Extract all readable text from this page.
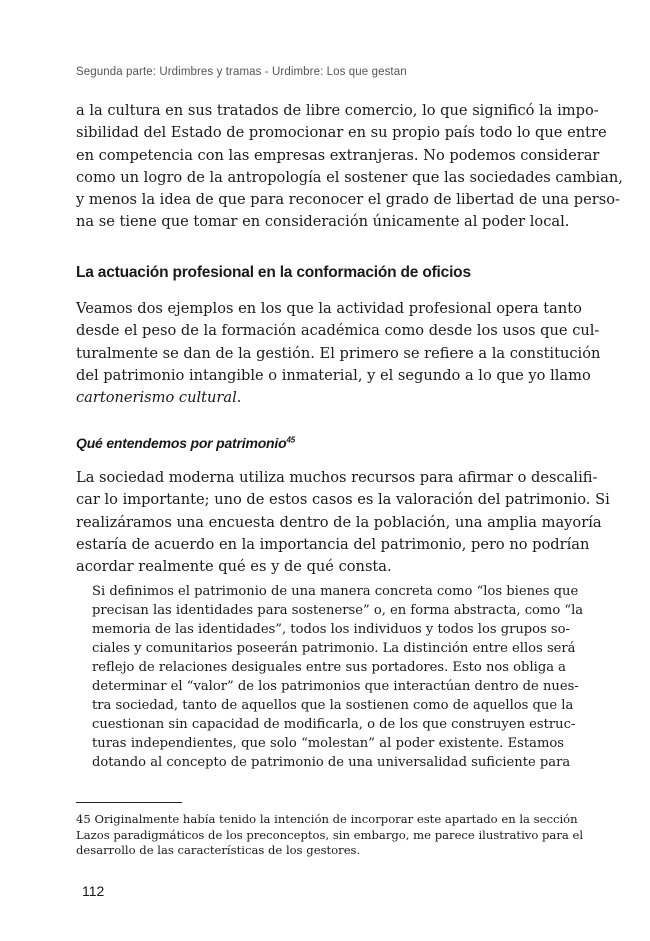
Segunda parte: Urdimbres y tramas - Urdimbre: Los que gestan
a la cultura en sus tratados de libre comercio, lo que significó la impo-
sibilidad del Estado de promocionar en su propio país todo lo que entre
en competencia con las empresas extranjeras. No podemos considerar
como un logro de la antropología el sostener que las sociedades cambian,
y menos la idea de que para reconocer el grado de libertad de una perso-
na se tiene que tomar en consideración únicamente al poder local.
La actuación profesional en la conformación de oficios
Veamos dos ejemplos en los que la actividad profesional opera tanto
desde el peso de la formación académica como desde los usos que cul-
turalmente se dan de la gestión. El primero se refiere a la constitución
del patrimonio intangible o inmaterial, y el segundo a lo que yo llamo
cartonerismo cultural.
Qué entendemos por patrimonio$^{45}$
La sociedad moderna utiliza muchos recursos para afirmar o descalifi-
car lo importante; uno de estos casos es la valoración del patrimonio. Si
realizáramos una encuesta dentro de la población, una amplia mayoría
estaría de acuerdo en la importancia del patrimonio, pero no podrían
acordar realmente qué es y de qué consta.
Si definimos el patrimonio de una manera concreta como “los bienes que
precisan las identidades para sostenerse” o, en forma abstracta, como “la
memoria de las identidades”, todos los individuos y todos los grupos so-
ciales y comunitarios poseerán patrimonio. La distinción entre ellos será
reflejo de relaciones desiguales entre sus portadores. Esto nos obliga a
determinar el “valor” de los patrimonios que interactúan dentro de nues-
tra sociedad, tanto de aquellos que la sostienen como de aquellos que la
cuestionan sin capacidad de modificarla, o de los que construyen estruc-
turas independientes, que solo “molestan” al poder existente. Estamos
dotando al concepto de patrimonio de una universalidad suficiente para
45 Originalmente había tenido la intención de incorporar este apartado en la sección
Lazos paradigmáticos de los preconceptos, sin embargo, me parece ilustrativo para el
desarrollo de las características de los gestores.
112
